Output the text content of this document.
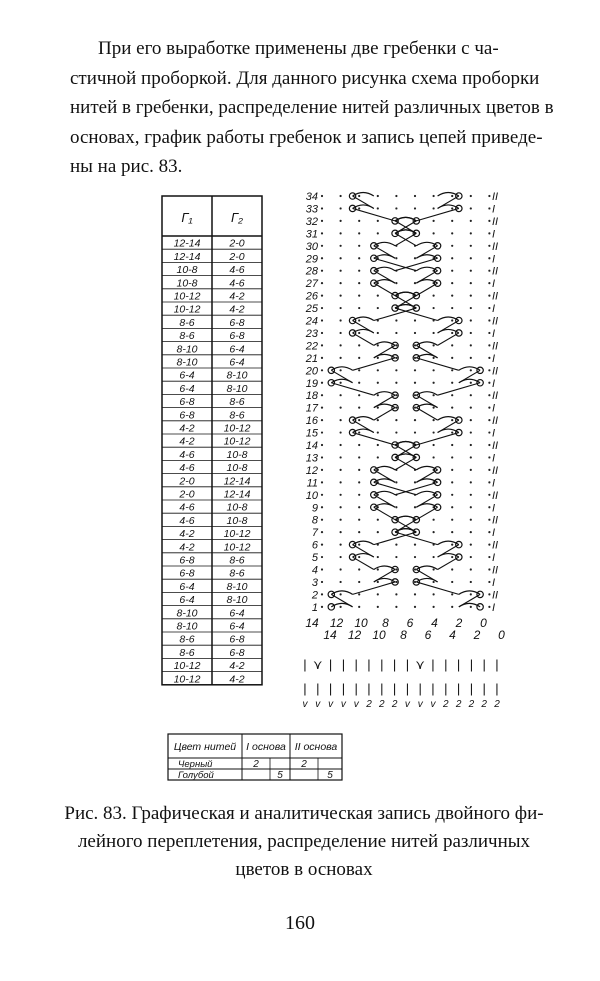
При его выработке применены две гребенки с ча-
стичной проборкой. Для данного рисунка схема проборки
нитей в гребенки, распределение нитей различных цветов в
основах, график работы гребенок и запись цепей приведе-
ны на рис. 83.
Г₁	Г₂
12-14	2-0
12-14	2-0
10-8	4-6
10-8	4-6
10-12	4-2
10-12	4-2
8-6	6-8
8-6	6-8
8-10	6-4
8-10	6-4
6-4	8-10
6-4	8-10
6-8	8-6
6-8	8-6
4-2	10-12
4-2	10-12
4-6	10-8
4-6	10-8
2-0	12-14
2-0	12-14
4-6	10-8
4-6	10-8
4-2	10-12
4-2	10-12
6-8	8-6
6-8	8-6
6-4	8-10
6-4	8-10
8-10	6-4
8-10	6-4
8-6	6-8
8-6	6-8
10-12	4-2
10-12	4-2
34
33
32
31
30
29
28
27
26
25
24
23
22
21
20
19
18
17
16
15
14
13
12
11
10
9
8
7
6
5
4
3
2
1
II
I
II
I
II
I
II
I
II
I
II
I
II
I
II
I
II
I
II
I
II
I
II
I
II
I
II
I
II
I
II
I
II
I
14 12 10 8 6 4 2 0
14 12 10 8 6 4 2 0
| ⋎ | | | | | | | ⋎ | | | | | |
| | | | | | | | | | | | | | | |
v v v v v 2 2 2 v v v 2 2 2 2 2
Цвет нитей I основа II основа
Черный	2	2
Голубой	5	5
Рис. 83. Графическая и аналитическая запись двойного фи-
лейного переплетения, распределение нитей различных
цветов в основах
160
